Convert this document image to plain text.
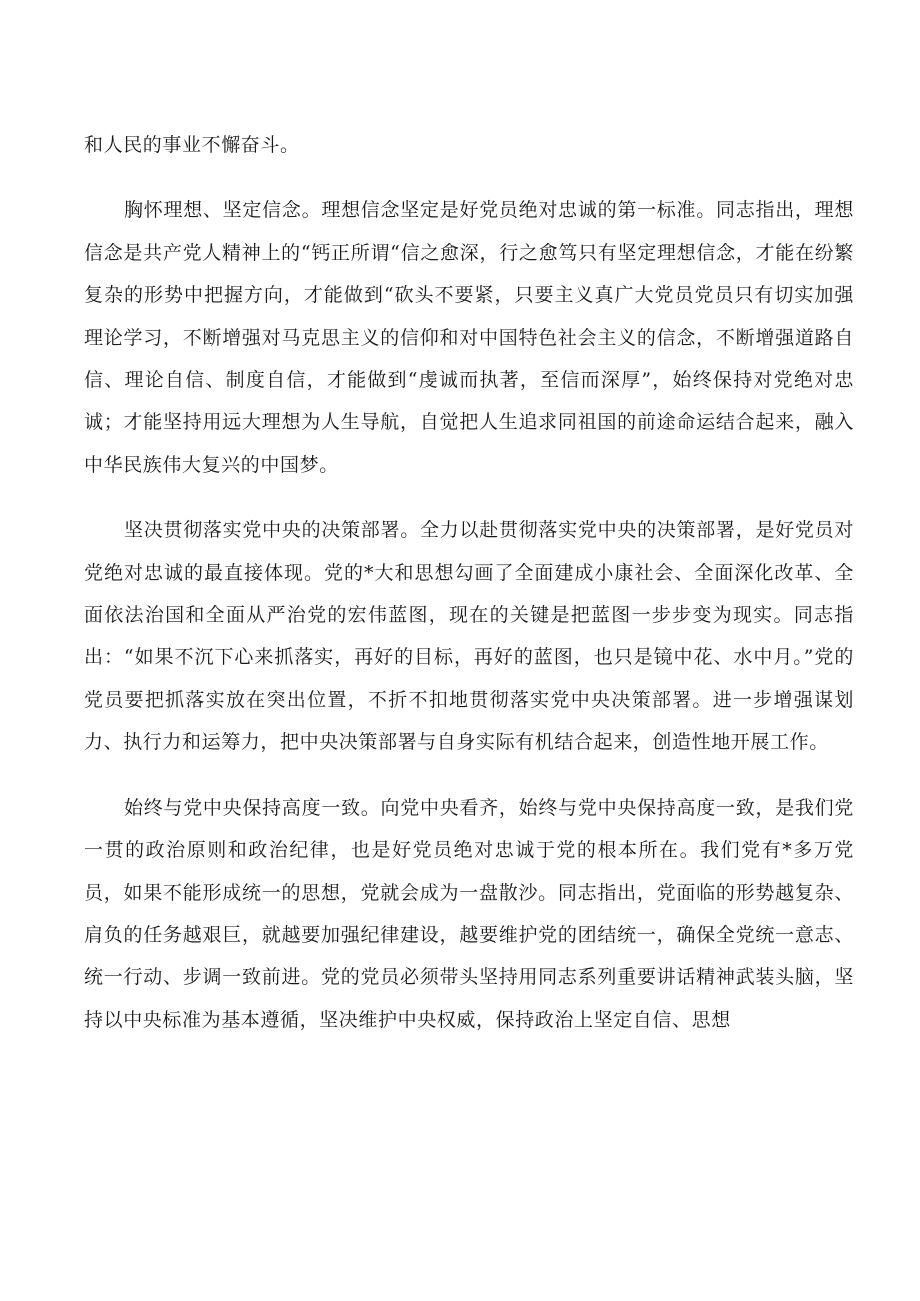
和人民的事业不懈奋斗。

胸怀理想、坚定信念。理想信念坚定是好党员绝对忠诚的第一标准。同志指出，理想信念是共产党人精神上的“钙正所谓“信之愈深，行之愈笃只有坚定理想信念，才能在纷繁复杂的形势中把握方向，才能做到“砍头不要紧，只要主义真广大党员党员只有切实加强理论学习，不断增强对马克思主义的信仰和对中国特色社会主义的信念，不断增强道路自信、理论自信、制度自信，才能做到“虔诚而执著，至信而深厚”，始终保持对党绝对忠诚；才能坚持用远大理想为人生导航，自觉把人生追求同祖国的前途命运结合起来，融入中华民族伟大复兴的中国梦。

坚决贯彻落实党中央的决策部署。全力以赴贯彻落实党中央的决策部署，是好党员对党绝对忠诚的最直接体现。党的*大和思想勾画了全面建成小康社会、全面深化改革、全面依法治国和全面从严治党的宏伟蓝图，现在的关键是把蓝图一步步变为现实。同志指出：“如果不沉下心来抓落实，再好的目标，再好的蓝图，也只是镜中花、水中月。”党的党员要把抓落实放在突出位置，不折不扣地贯彻落实党中央决策部署。进一步增强谋划力、执行力和运筹力，把中央决策部署与自身实际有机结合起来，创造性地开展工作。

始终与党中央保持高度一致。向党中央看齐，始终与党中央保持高度一致，是我们党一贯的政治原则和政治纪律，也是好党员绝对忠诚于党的根本所在。我们党有*多万党员，如果不能形成统一的思想，党就会成为一盘散沙。同志指出，党面临的形势越复杂、肩负的任务越艰巨，就越要加强纪律建设，越要维护党的团结统一，确保全党统一意志、统一行动、步调一致前进。党的党员必须带头坚持用同志系列重要讲话精神武装头脑，坚持以中央标准为基本遵循，坚决维护中央权威，保持政治上坚定自信、思想
